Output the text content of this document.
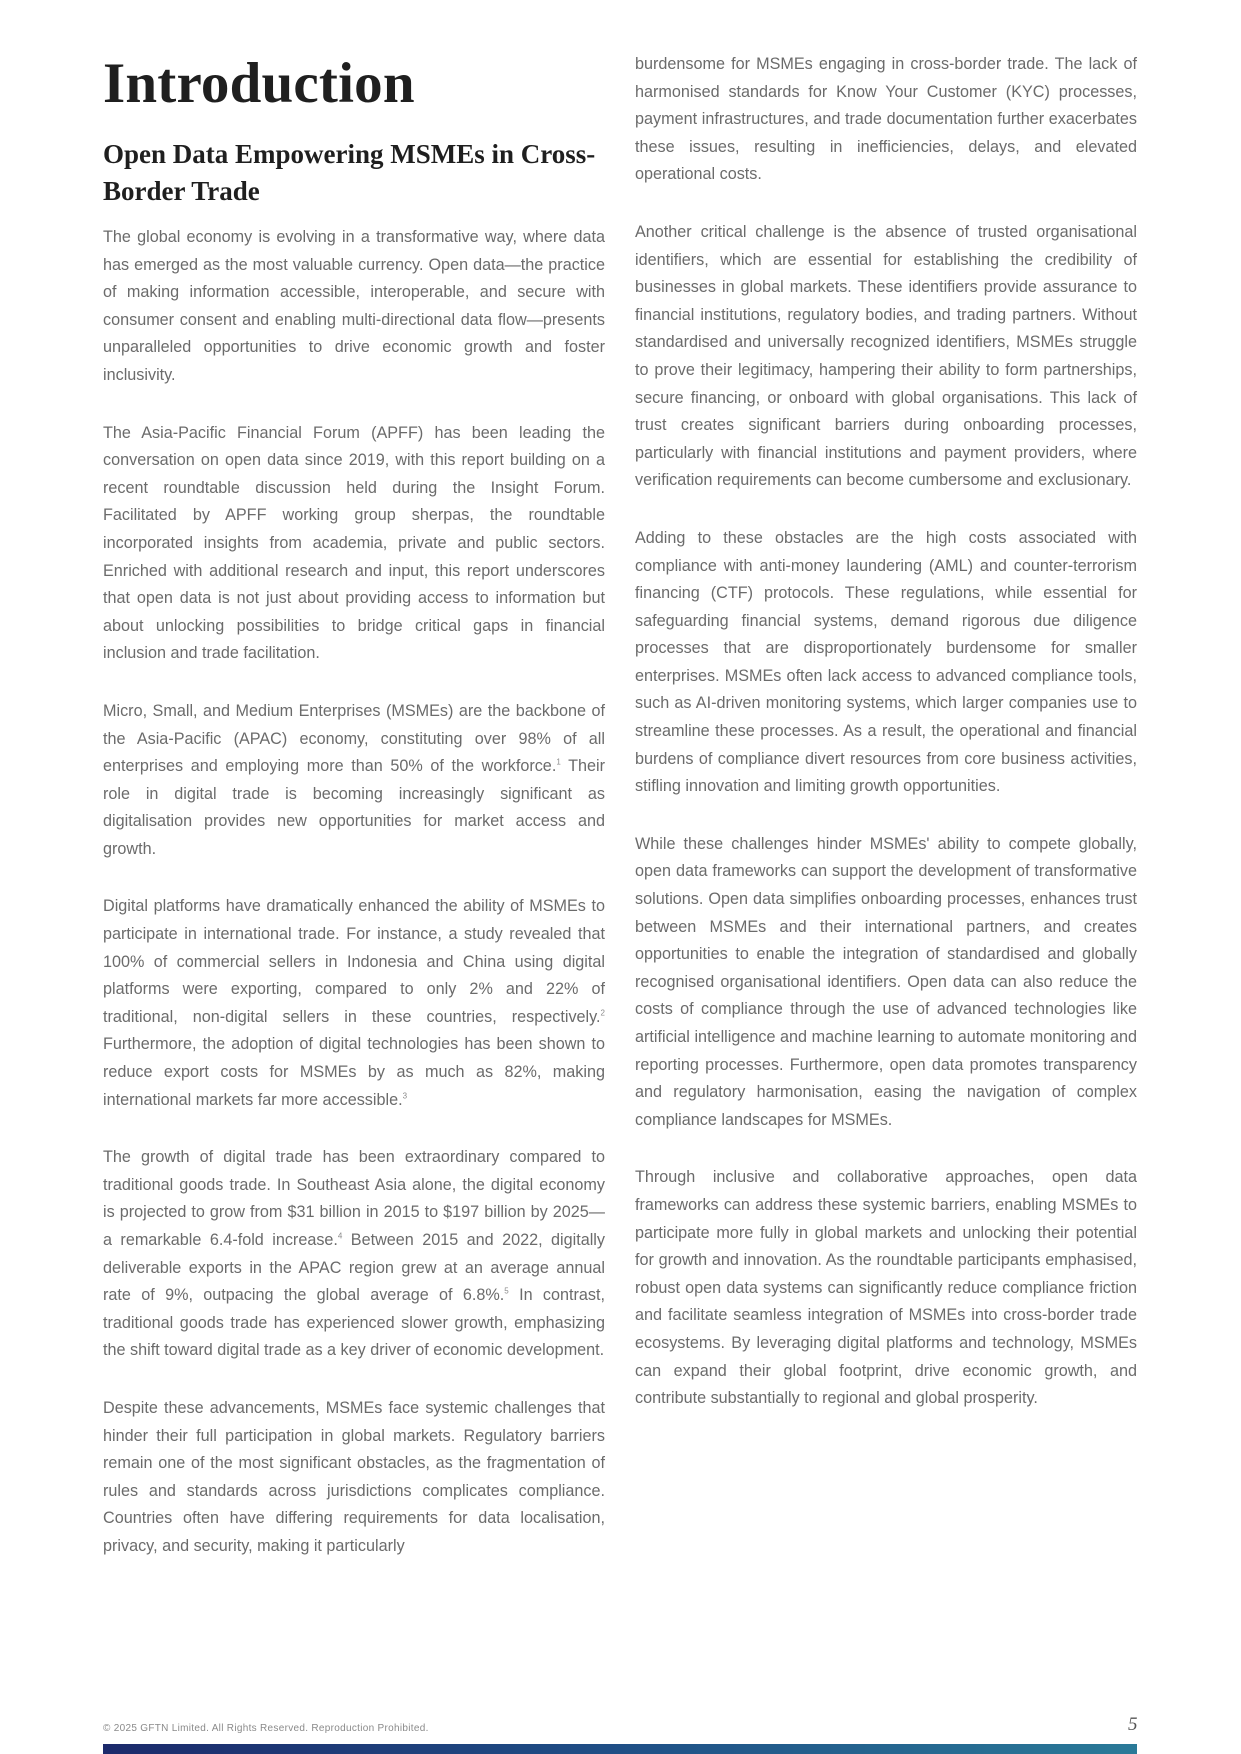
Introduction
Open Data Empowering MSMEs in Cross-Border Trade

The global economy is evolving in a transformative way, where data has emerged as the most valuable currency. Open data—the practice of making information accessible, interoperable, and secure with consumer consent and enabling multi-directional data flow—presents unparalleled opportunities to drive economic growth and foster inclusivity.

The Asia-Pacific Financial Forum (APFF) has been leading the conversation on open data since 2019, with this report building on a recent roundtable discussion held during the Insight Forum. Facilitated by APFF working group sherpas, the roundtable incorporated insights from academia, private and public sectors. Enriched with additional research and input, this report underscores that open data is not just about providing access to information but about unlocking possibilities to bridge critical gaps in financial inclusion and trade facilitation.

Micro, Small, and Medium Enterprises (MSMEs) are the backbone of the Asia-Pacific (APAC) economy, constituting over 98% of all enterprises and employing more than 50% of the workforce.$^1$ Their role in digital trade is becoming increasingly significant as digitalisation provides new opportunities for market access and growth.

Digital platforms have dramatically enhanced the ability of MSMEs to participate in international trade. For instance, a study revealed that 100% of commercial sellers in Indonesia and China using digital platforms were exporting, compared to only 2% and 22% of traditional, non-digital sellers in these countries, respectively.$^2$ Furthermore, the adoption of digital technologies has been shown to reduce export costs for MSMEs by as much as 82%, making international markets far more accessible.$^3$

The growth of digital trade has been extraordinary compared to traditional goods trade. In Southeast Asia alone, the digital economy is projected to grow from $31 billion in 2015 to $197 billion by 2025—a remarkable 6.4-fold increase.$^4$ Between 2015 and 2022, digitally deliverable exports in the APAC region grew at an average annual rate of 9%, outpacing the global average of 6.8%.$^5$ In contrast, traditional goods trade has experienced slower growth, emphasizing the shift toward digital trade as a key driver of economic development.

Despite these advancements, MSMEs face systemic challenges that hinder their full participation in global markets. Regulatory barriers remain one of the most significant obstacles, as the fragmentation of rules and standards across jurisdictions complicates compliance. Countries often have differing requirements for data localisation, privacy, and security, making it particularly

burdensome for MSMEs engaging in cross-border trade. The lack of harmonised standards for Know Your Customer (KYC) processes, payment infrastructures, and trade documentation further exacerbates these issues, resulting in inefficiencies, delays, and elevated operational costs.

Another critical challenge is the absence of trusted organisational identifiers, which are essential for establishing the credibility of businesses in global markets. These identifiers provide assurance to financial institutions, regulatory bodies, and trading partners. Without standardised and universally recognized identifiers, MSMEs struggle to prove their legitimacy, hampering their ability to form partnerships, secure financing, or onboard with global organisations. This lack of trust creates significant barriers during onboarding processes, particularly with financial institutions and payment providers, where verification requirements can become cumbersome and exclusionary.

Adding to these obstacles are the high costs associated with compliance with anti-money laundering (AML) and counter-terrorism financing (CTF) protocols. These regulations, while essential for safeguarding financial systems, demand rigorous due diligence processes that are disproportionately burdensome for smaller enterprises. MSMEs often lack access to advanced compliance tools, such as AI-driven monitoring systems, which larger companies use to streamline these processes. As a result, the operational and financial burdens of compliance divert resources from core business activities, stifling innovation and limiting growth opportunities.

While these challenges hinder MSMEs' ability to compete globally, open data frameworks can support the development of transformative solutions. Open data simplifies onboarding processes, enhances trust between MSMEs and their international partners, and creates opportunities to enable the integration of standardised and globally recognised organisational identifiers. Open data can also reduce the costs of compliance through the use of advanced technologies like artificial intelligence and machine learning to automate monitoring and reporting processes. Furthermore, open data promotes transparency and regulatory harmonisation, easing the navigation of complex compliance landscapes for MSMEs.

Through inclusive and collaborative approaches, open data frameworks can address these systemic barriers, enabling MSMEs to participate more fully in global markets and unlocking their potential for growth and innovation. As the roundtable participants emphasised, robust open data systems can significantly reduce compliance friction and facilitate seamless integration of MSMEs into cross-border trade ecosystems. By leveraging digital platforms and technology, MSMEs can expand their global footprint, drive economic growth, and contribute substantially to regional and global prosperity.

© 2025 GFTN Limited. All Rights Reserved. Reproduction Prohibited.	5
